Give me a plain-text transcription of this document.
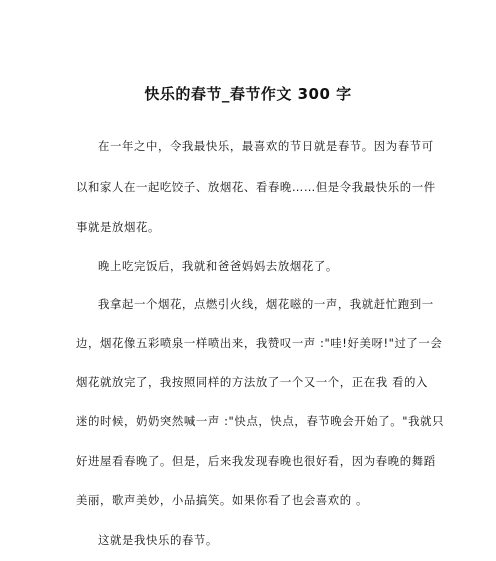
快乐的春节_春节作文 300 字
在一年之中，令我最快乐，最喜欢的节日就是春节。因为春节可
以和家人在一起吃饺子、放烟花、看春晚……但是令我最快乐的一件
事就是放烟花。
晚上吃完饭后，我就和爸爸妈妈去放烟花了。
我拿起一个烟花，点燃引火线，烟花嗞的一声，我就赶忙跑到一
边，烟花像五彩喷泉一样喷出来，我赞叹一声 :"哇!好美呀!"过了一会
烟花就放完了，我按照同样的方法放了一个又一个，正在我 看的入
迷的时候，奶奶突然喊一声 :"快点，快点，春节晚会开始了。"我就只
好进屋看春晚了。但是，后来我发现春晚也很好看，因为春晚的舞蹈
美丽，歌声美妙，小品搞笑。如果你看了也会喜欢的 。
这就是我快乐的春节。
